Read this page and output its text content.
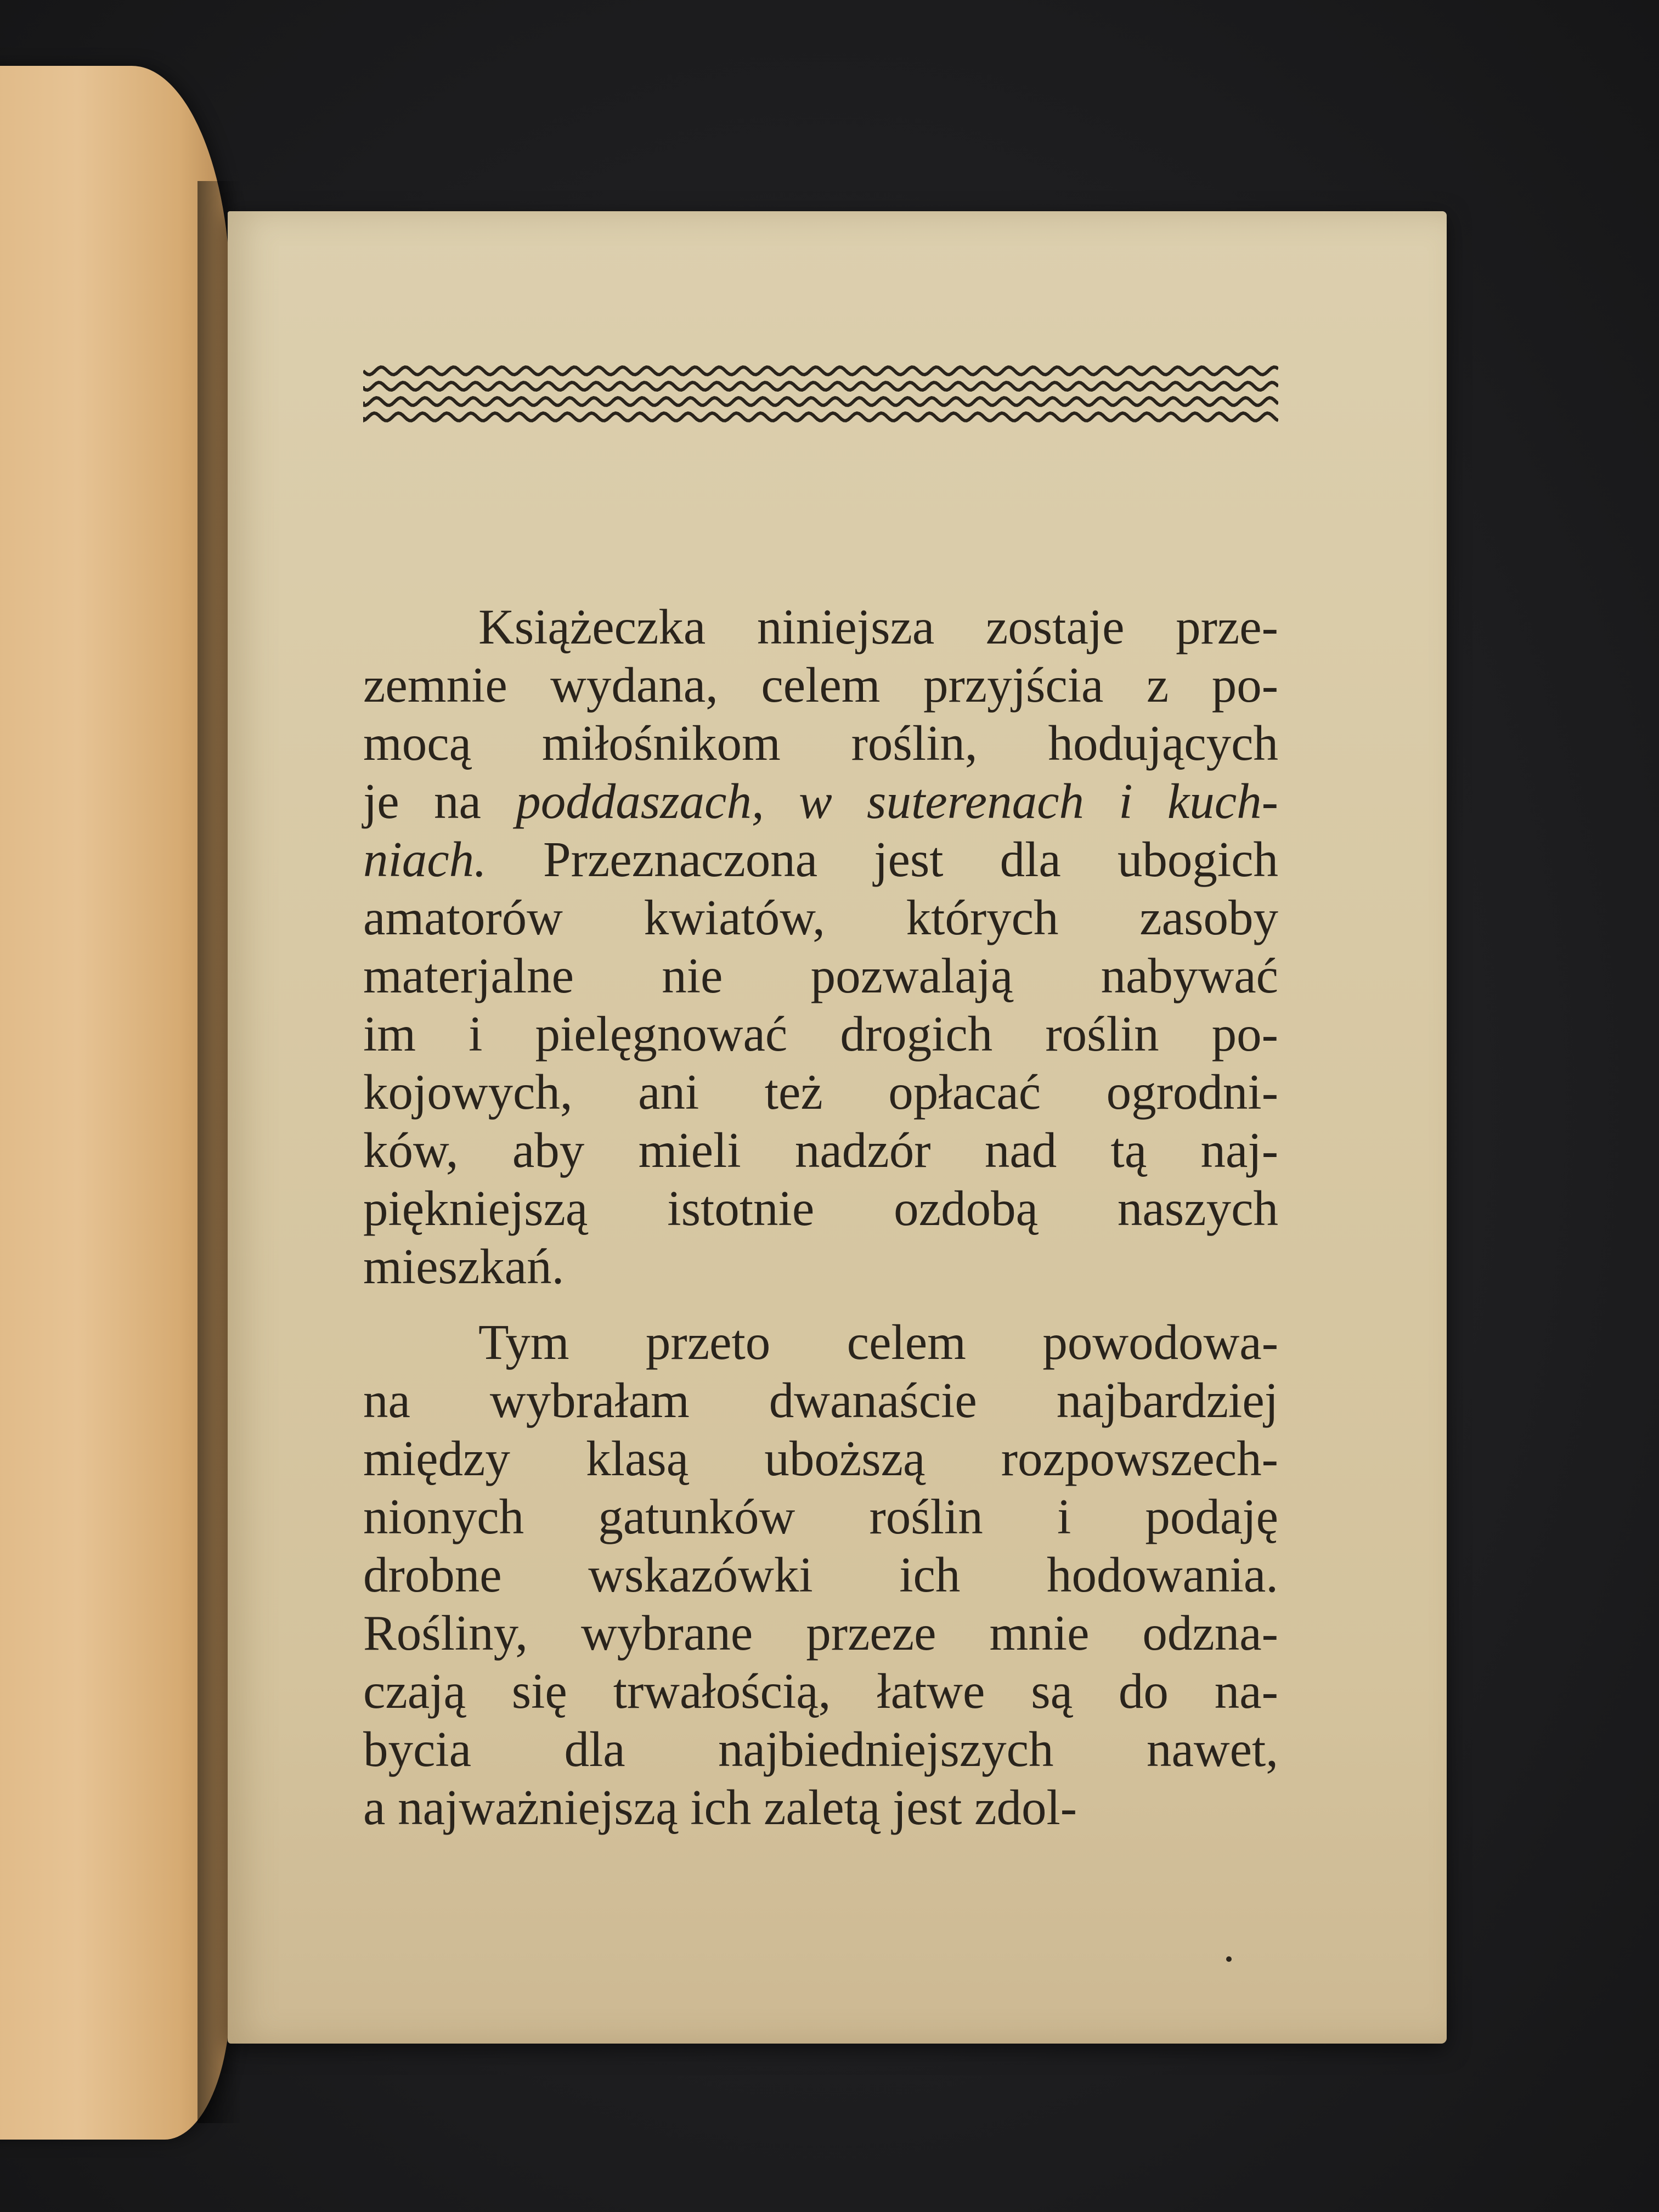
Książeczka niniejsza zostaje prze-
zemnie wydana, celem przyjścia z po-
mocą miłośnikom roślin, hodujących
je na poddaszach, w suterenach i kuch-
niach. Przeznaczona jest dla ubogich
amatorów kwiatów, których zasoby
materjalne nie pozwalają nabywać
im i pielęgnować drogich roślin po-
kojowych, ani też opłacać ogrodni-
ków, aby mieli nadzór nad tą naj-
piękniejszą istotnie ozdobą naszych
mieszkań.
Tym przeto celem powodowa-
na wybrałam dwanaście najbardziej
między klasą uboższą rozpowszech-
nionych gatunków roślin i podaję
drobne wskazówki ich hodowania.
Rośliny, wybrane przeze mnie odzna-
czają się trwałością, łatwe są do na-
bycia dla najbiedniejszych nawet,
a najważniejszą ich zaletą jest zdol-
